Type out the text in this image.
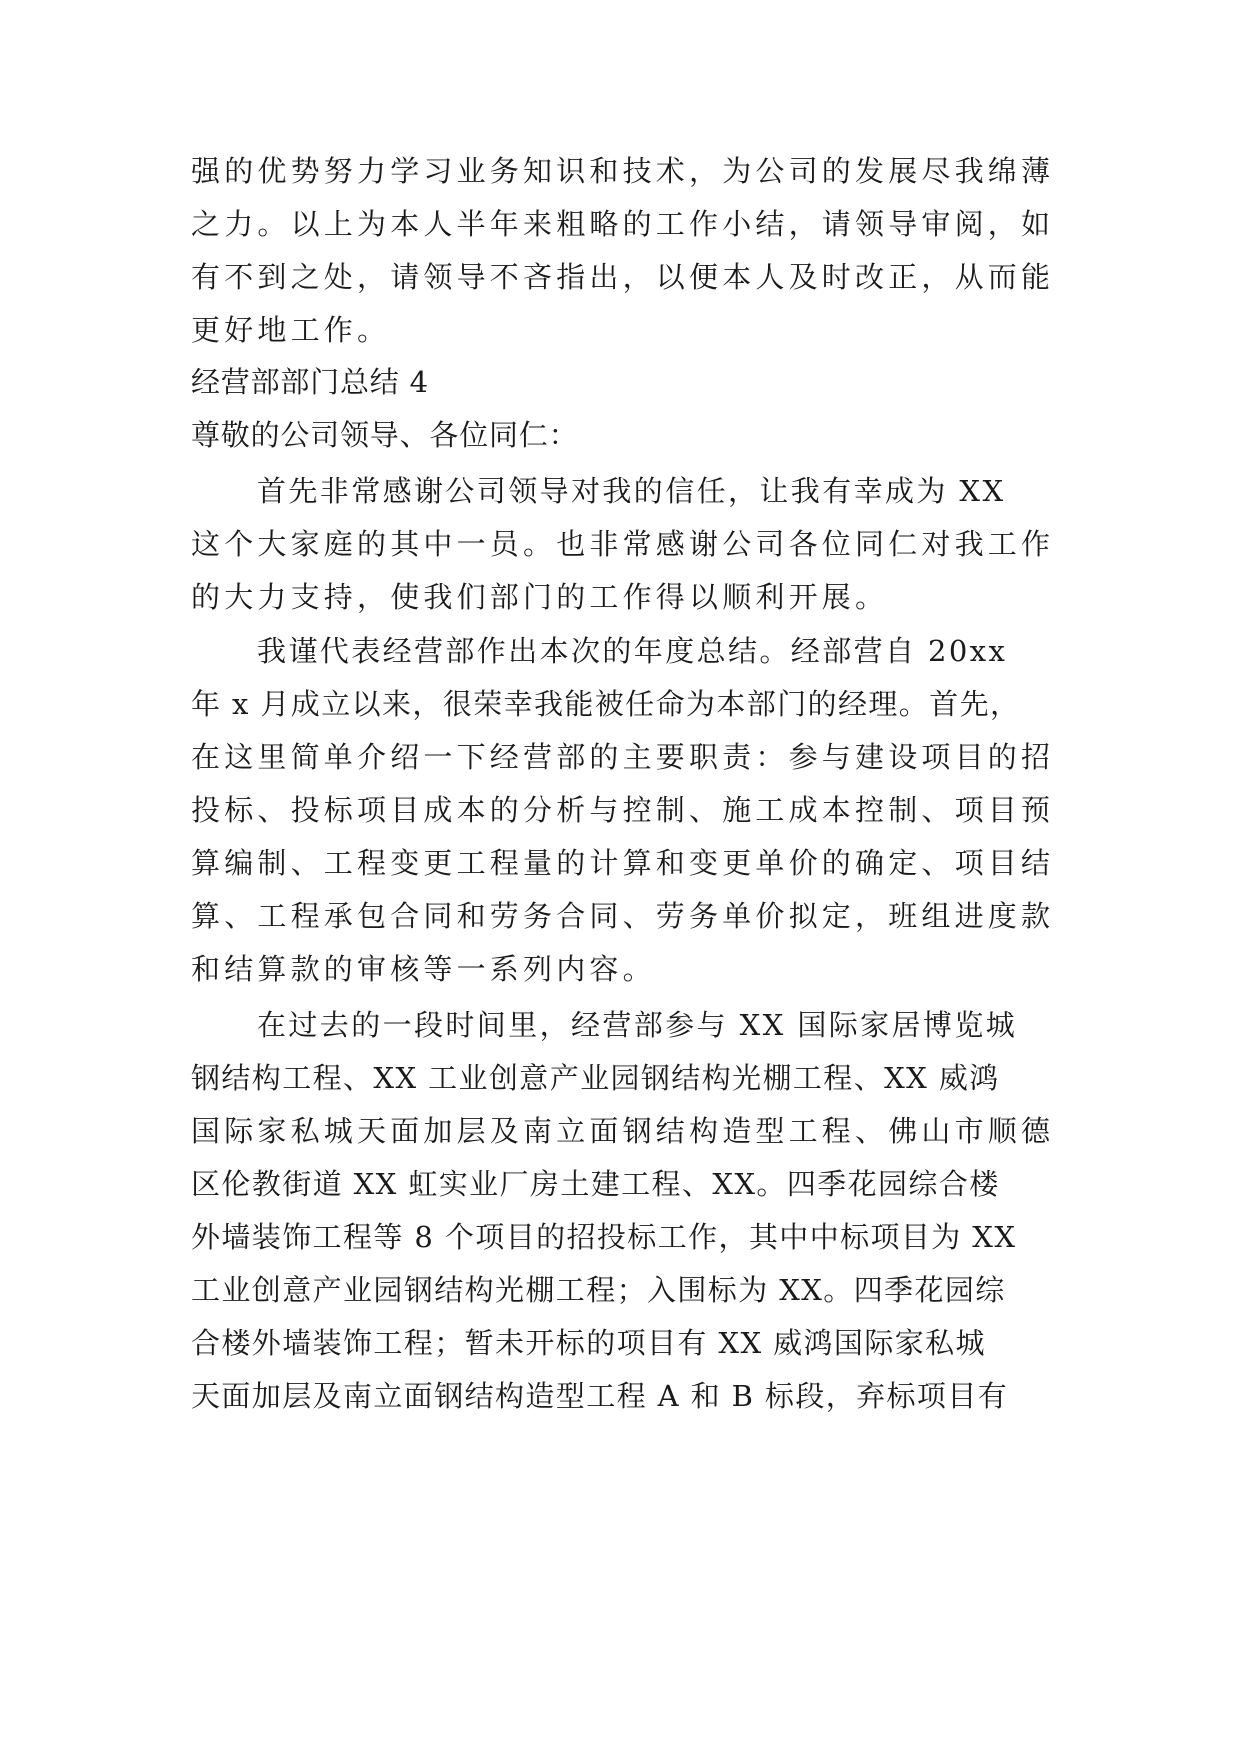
强的优势努力学习业务知识和技术，为公司的发展尽我绵薄
之力。以上为本人半年来粗略的工作小结，请领导审阅，如
有不到之处，请领导不吝指出，以便本人及时改正，从而能
更好地工作。
经营部部门总结 4
尊敬的公司领导、各位同仁：
首先非常感谢公司领导对我的信任，让我有幸成为 XX
这个大家庭的其中一员。也非常感谢公司各位同仁对我工作
的大力支持，使我们部门的工作得以顺利开展。
我谨代表经营部作出本次的年度总结。经部营自 20xx
年 x 月成立以来，很荣幸我能被任命为本部门的经理。首先，
在这里简单介绍一下经营部的主要职责：参与建设项目的招
投标、投标项目成本的分析与控制、施工成本控制、项目预
算编制、工程变更工程量的计算和变更单价的确定、项目结
算、工程承包合同和劳务合同、劳务单价拟定，班组进度款
和结算款的审核等一系列内容。
在过去的一段时间里，经营部参与 XX 国际家居博览城
钢结构工程、XX 工业创意产业园钢结构光棚工程、XX 威鸿
国际家私城天面加层及南立面钢结构造型工程、佛山市顺德
区伦教街道 XX 虹实业厂房土建工程、XX。四季花园综合楼
外墙装饰工程等 8 个项目的招投标工作，其中中标项目为 XX
工业创意产业园钢结构光棚工程；入围标为 XX。四季花园综
合楼外墙装饰工程；暂未开标的项目有 XX 威鸿国际家私城
天面加层及南立面钢结构造型工程 A 和 B 标段，弃标项目有
